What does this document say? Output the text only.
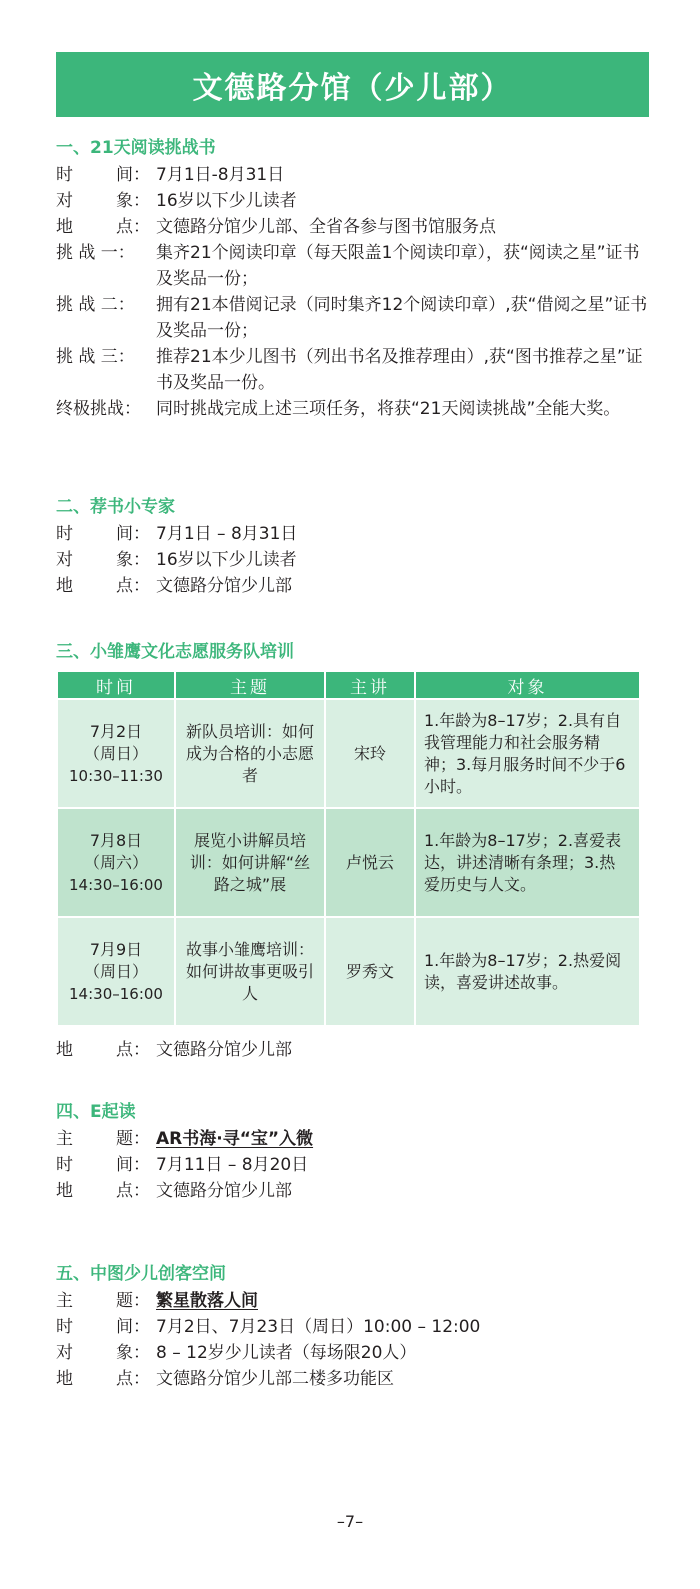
文德路分馆（少儿部）
一、21天阅读挑战书
时	间： 7月1日-8月31日
对	象： 16岁以下少儿读者
地	点： 文德路分馆少儿部、全省各参与图书馆服务点
挑 战 一：	集齐21个阅读印章（每天限盖1个阅读印章），获“阅读之星”证书及奖品一份；
挑 战 二：	拥有21本借阅记录（同时集齐12个阅读印章）,获“借阅之星”证书及奖品一份；
挑 战 三：	推荐21本少儿图书（列出书名及推荐理由）,获“图书推荐之星”证书及奖品一份。
终极挑战： 同时挑战完成上述三项任务，将获“21天阅读挑战”全能大奖。
二、荐书小专家
时	间： 7月1日 – 8月31日
对	象： 16岁以下少儿读者
地	点： 文德路分馆少儿部
三、小雏鹰文化志愿服务队培训
时间	主题	主讲	对象

7月2日
（周日）
10:30–11:30	新队员培训：如何成为合格的小志愿者	宋玲	1.年龄为8–17岁；2.具有自我管理能力和社会服务精神；3.每月服务时间不少于6小时。

7月8日
（周六）
14:30–16:00	展览小讲解员培训：如何讲解“丝路之城”展	卢悦云	1.年龄为8–17岁；2.喜爱表达，讲述清晰有条理；3.热爱历史与人文。

7月9日
（周日）
14:30–16:00	故事小雏鹰培训：如何讲故事更吸引人	罗秀文	1.年龄为8–17岁；2.热爱阅读，喜爱讲述故事。
地	点： 文德路分馆少儿部
四、E起读
主	题： AR书海·寻“宝”入微
时	间： 7月11日 – 8月20日
地	点： 文德路分馆少儿部
五、中图少儿创客空间
主	题： 繁星散落人间
时	间： 7月2日、7月23日（周日）10:00 – 12:00
对	象： 8 – 12岁少儿读者（每场限20人）
地	点： 文德路分馆少儿部二楼多功能区
–7–
